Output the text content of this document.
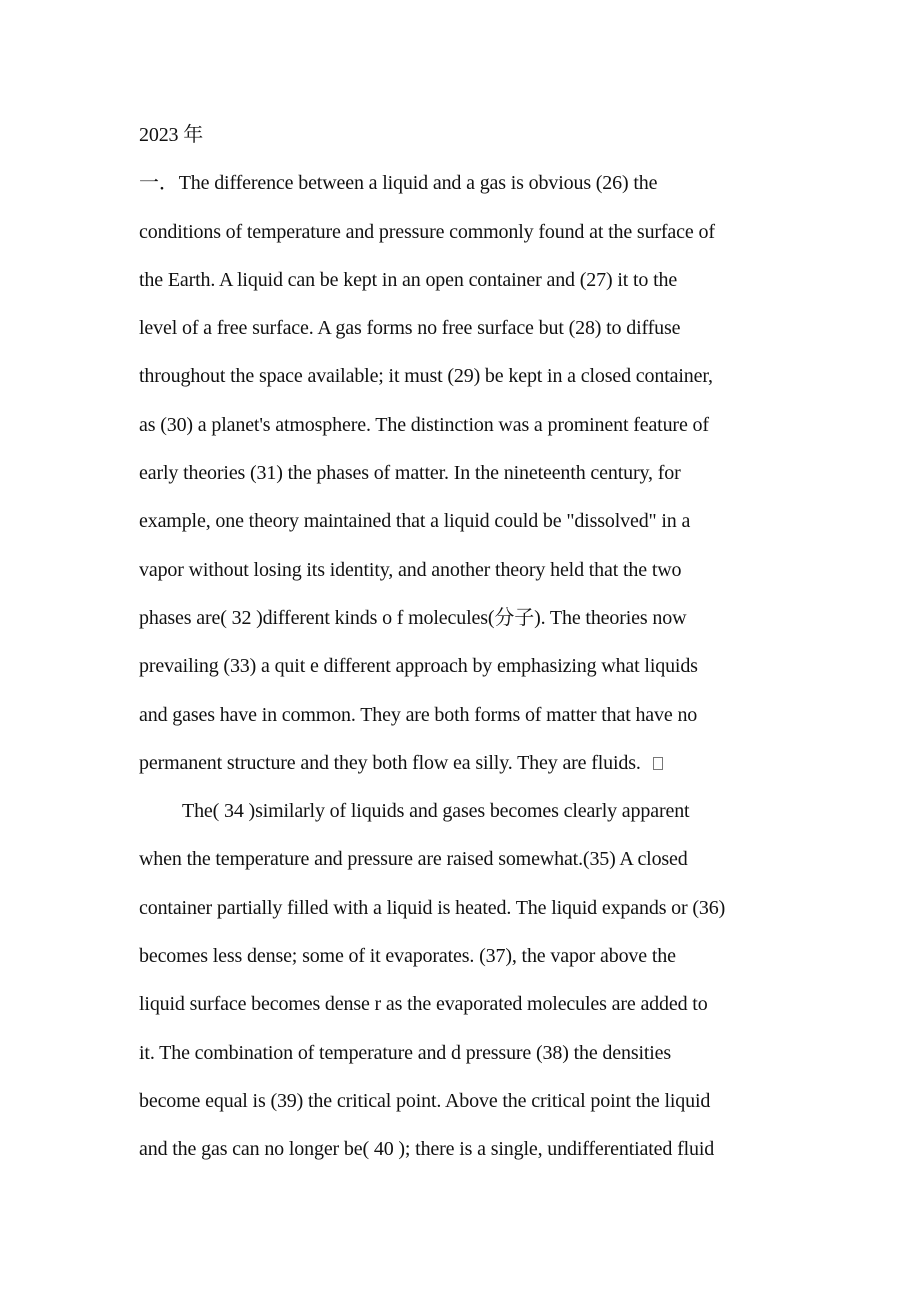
2023 年
一．The difference between a liquid and a gas is obvious (26) the
conditions of temperature and pressure commonly found at the surface of
the Earth. A liquid can be kept in an open container and (27) it to the
level of a free surface. A gas forms no free surface but (28) to diffuse
throughout the space available; it must (29) be kept in a closed container,
as (30) a planet's atmosphere. The distinction was a prominent feature of
early theories (31) the phases of matter. In the nineteenth century, for
example, one theory maintained that a liquid could be "dissolved" in a
vapor without losing its identity, and another theory held that the two
phases are( 32 )different kinds o f molecules(分子). The theories now
prevailing (33) a quit e different approach by emphasizing what liquids
and gases have in common. They are both forms of matter that have no
permanent structure and they both flow ea silly. They are fluids.
The( 34 )similarly of liquids and gases becomes clearly apparent
when the temperature and pressure are raised somewhat.(35) A closed
container partially filled with a liquid is heated. The liquid expands or (36)
becomes less dense; some of it evaporates. (37), the vapor above the
liquid surface becomes dense r as the evaporated molecules are added to
it. The combination of temperature and d pressure (38) the densities
become equal is (39) the critical point. Above the critical point the liquid
and the gas can no longer be( 40 ); there is a single, undifferentiated fluid
